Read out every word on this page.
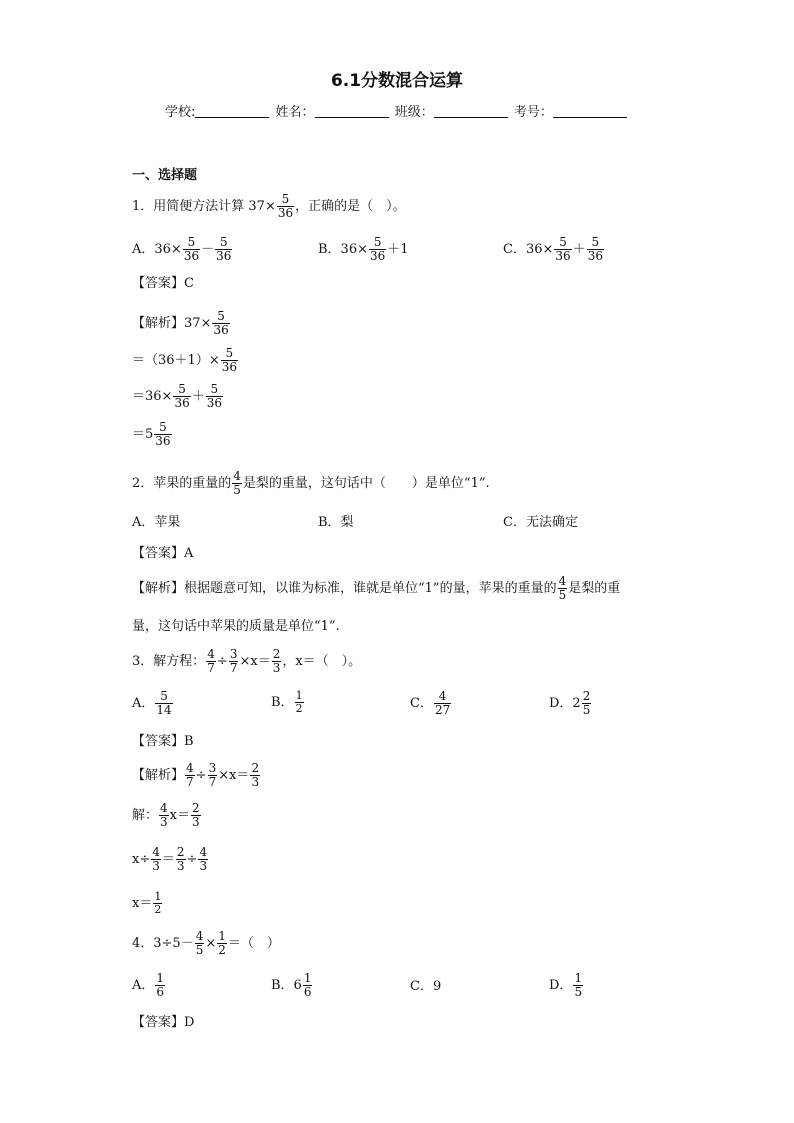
6.1分数混合运算
学校:	姓名：	班级：	考号：
一、选择题
1．用简便方法计算 $37\times \frac{5}{36}$ ，正确的是（　）。
A．$36\times \frac{5}{36} - \frac{5}{36}$	B．$36\times \frac{5}{36} +1$	C．$36\times \frac{5}{36} + \frac{5}{36}$
【答案】C
【解析】$37\times \frac{5}{36}$
$=(36+1)\times \frac{5}{36}$
$=36\times \frac{5}{36} + \frac{5}{36}$
$=5 \frac{5}{36}$
2．苹果的重量的 $\frac{4}{5}$ 是梨的重量，这句话中（　　）是单位“1”.
A．苹果	B．梨	C．无法确定
【答案】A
【解析】根据题意可知，以谁为标准，谁就是单位“1”的量，苹果的重量的 $\frac{4}{5}$ 是梨的重
量，这句话中苹果的质量是单位“1”.
3．解方程： $\frac{4}{7} \div \frac{3}{7} \times x= \frac{2}{3}$ ，x＝（　）。
A． $\frac{5}{14}$	B． $\frac{1}{2}$	C． $\frac{4}{27}$	D．$2 \frac{2}{5}$
【答案】B
【解析】 $\frac{4}{7} \div \frac{3}{7} \times x= \frac{2}{3}$
解： $\frac{4}{3} x= \frac{2}{3}$
$x\div \frac{4}{3} = \frac{2}{3} \div \frac{4}{3}$
$x= \frac{1}{2}$
4．$3\div 5- \frac{4}{5} \times \frac{1}{2}$ ＝（　）
A． $\frac{1}{6}$	B．$6 \frac{1}{6}$	C．9	D． $\frac{1}{5}$
【答案】D
